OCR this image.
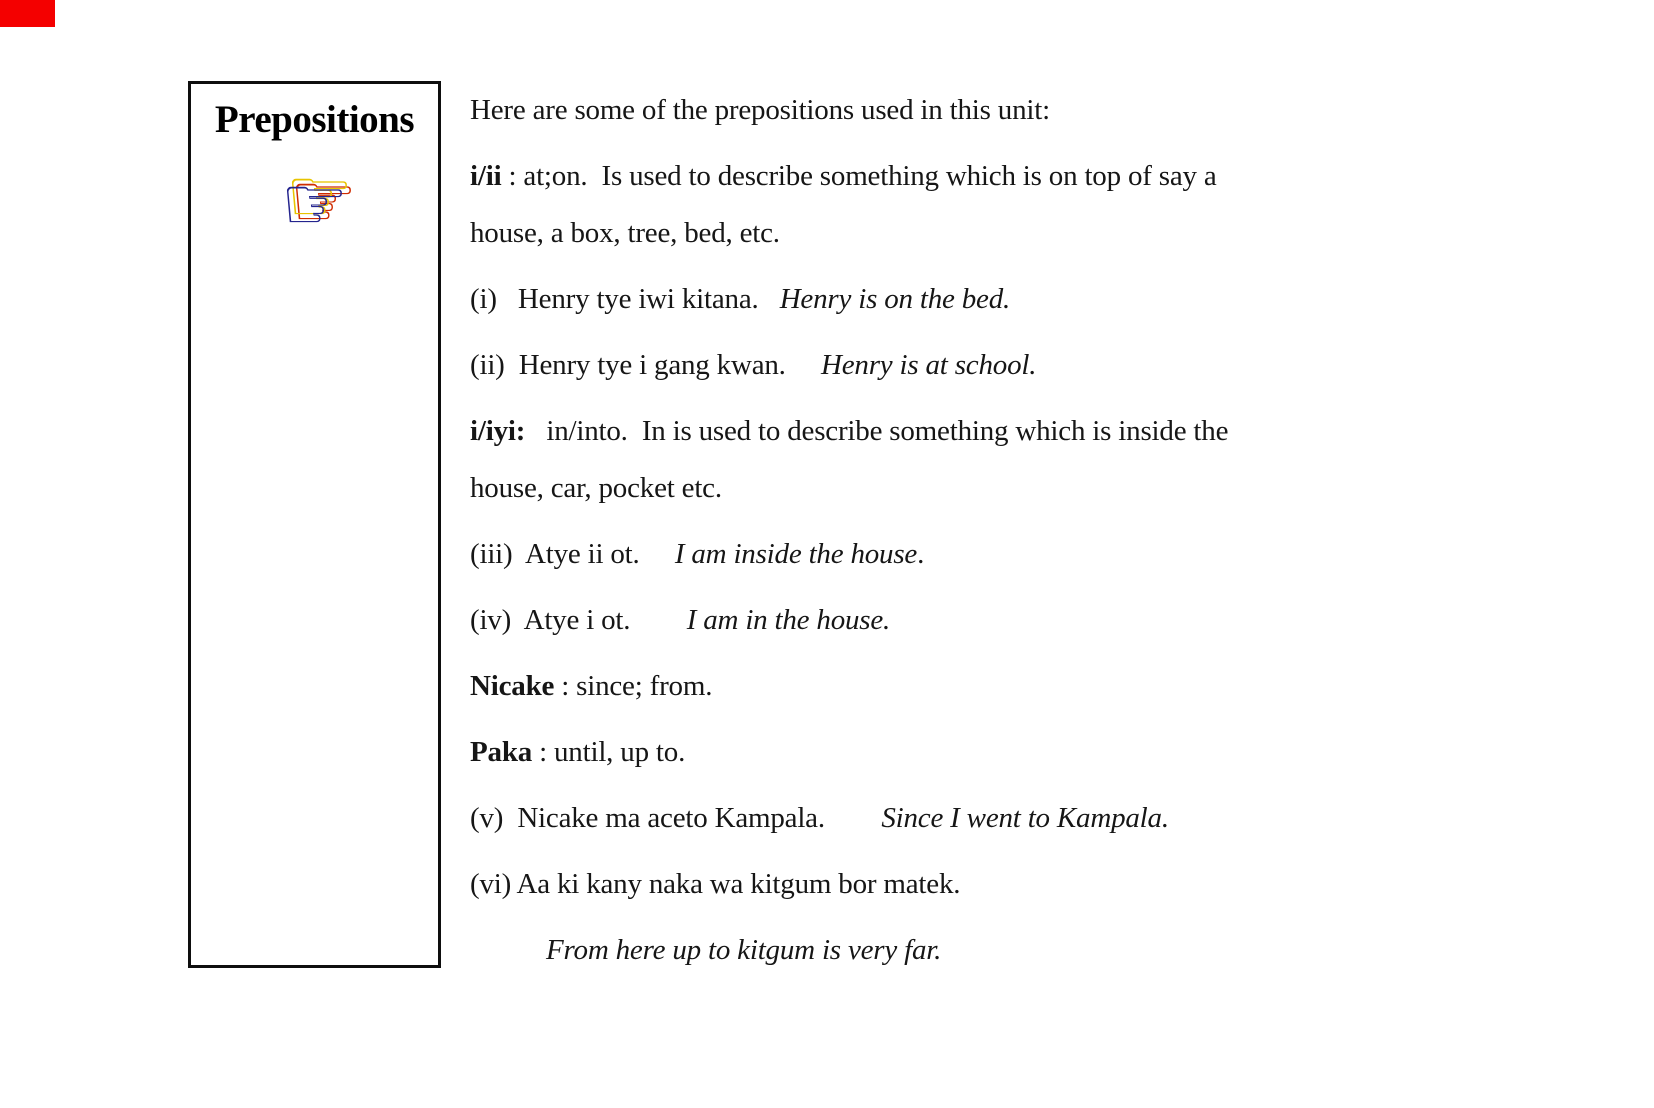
Prepositions
☞
Here are some of the prepositions used in this unit:
i/ii : at;on.  Is used to describe something which is on top of say a
house, a box, tree, bed, etc.
(i)   Henry tye iwi kitana.   Henry is on the bed.
(ii)  Henry tye i gang kwan.     Henry is at school.
i/iyi:   in/into.  In is used to describe something which is inside the
house, car, pocket etc.
(iii)  Atye ii ot.     I am inside the house.
(iv)  Atye i ot.        I am in the house.
Nicake : since; from.
Paka : until, up to.
(v)  Nicake ma aceto Kampala.        Since I went to Kampala.
(vi) Aa ki kany naka wa kitgum bor matek.
From here up to kitgum is very far.
